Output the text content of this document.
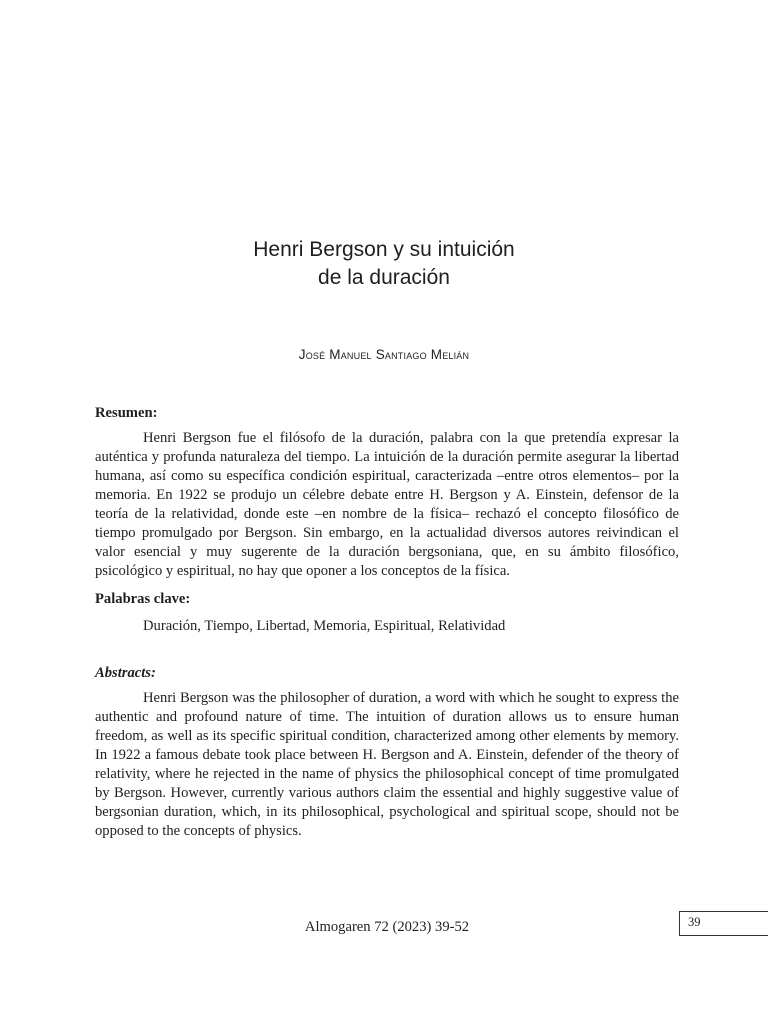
Henri Bergson y su intuición
de la duración
José Manuel Santiago Melián
Resumen:

Henri Bergson fue el filósofo de la duración, palabra con la que pretendía expresar la auténtica y profunda naturaleza del tiempo. La intuición de la duración permite asegurar la libertad humana, así como su específica condición espiritual, caracterizada –entre otros elementos– por la memoria. En 1922 se produjo un célebre debate entre H. Bergson y A. Einstein, defensor de la teoría de la relatividad, donde este –en nombre de la física– rechazó el concepto filosófico de tiempo promulgado por Bergson. Sin embargo, en la actualidad diversos autores reivindican el valor esencial y muy sugerente de la duración bergsoniana, que, en su ámbito filosófico, psicológico y espiritual, no hay que oponer a los conceptos de la física.

Palabras clave:
Duración, Tiempo, Libertad, Memoria, Espiritual, Relatividad
Abstracts:

Henri Bergson was the philosopher of duration, a word with which he sought to express the authentic and profound nature of time. The intuition of duration allows us to ensure human freedom, as well as its specific spiritual condition, characterized among other elements by memory. In 1922 a famous debate took place between H. Bergson and A. Einstein, defender of the theory of relativity, where he rejected in the name of physics the philosophical concept of time promulgated by Bergson. However, currently various authors claim the essential and highly suggestive value of bergsonian duration, which, in its philosophical, psychological and spiritual scope, should not be opposed to the concepts of physics.

Almogaren 72 (2023) 39-52	39
